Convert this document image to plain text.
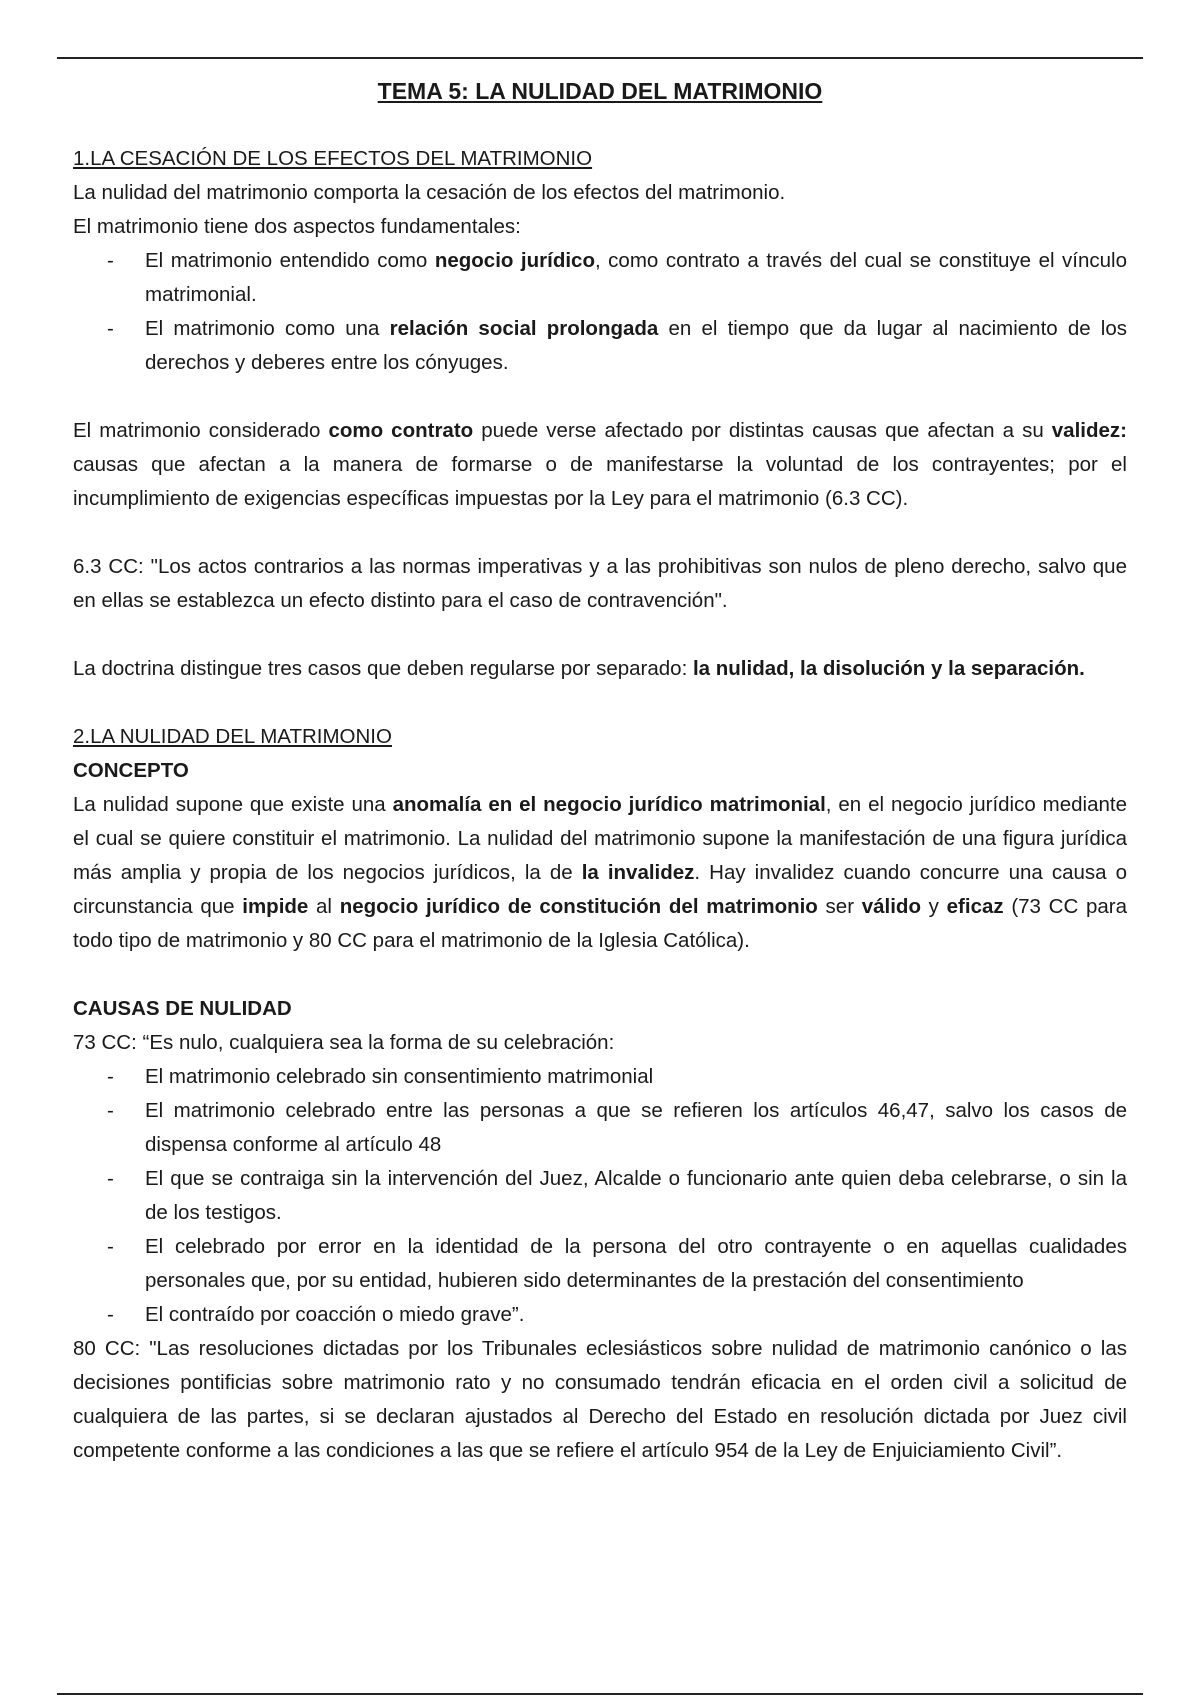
TEMA 5: LA NULIDAD DEL MATRIMONIO

1.LA CESACIÓN DE LOS EFECTOS DEL MATRIMONIO

La nulidad del matrimonio comporta la cesación de los efectos del matrimonio.

El matrimonio tiene dos aspectos fundamentales:

- El matrimonio entendido como negocio jurídico, como contrato a través del cual se constituye el vínculo matrimonial.
- El matrimonio como una relación social prolongada en el tiempo que da lugar al nacimiento de los derechos y deberes entre los cónyuges.

El matrimonio considerado como contrato puede verse afectado por distintas causas que afectan a su validez: causas que afectan a la manera de formarse o de manifestarse la voluntad de los contrayentes; por el incumplimiento de exigencias específicas impuestas por la Ley para el matrimonio (6.3 CC).

6.3 CC: "Los actos contrarios a las normas imperativas y a las prohibitivas son nulos de pleno derecho, salvo que en ellas se establezca un efecto distinto para el caso de contravención".

La doctrina distingue tres casos que deben regularse por separado: la nulidad, la disolución y la separación.

2.LA NULIDAD DEL MATRIMONIO

CONCEPTO

La nulidad supone que existe una anomalía en el negocio jurídico matrimonial, en el negocio jurídico mediante el cual se quiere constituir el matrimonio. La nulidad del matrimonio supone la manifestación de una figura jurídica más amplia y propia de los negocios jurídicos, la de la invalidez. Hay invalidez cuando concurre una causa o circunstancia que impide al negocio jurídico de constitución del matrimonio ser válido y eficaz (73 CC para todo tipo de matrimonio y 80 CC para el matrimonio de la Iglesia Católica).

CAUSAS DE NULIDAD

73 CC: “Es nulo, cualquiera sea la forma de su celebración:

- El matrimonio celebrado sin consentimiento matrimonial
- El matrimonio celebrado entre las personas a que se refieren los artículos 46,47, salvo los casos de dispensa conforme al artículo 48
- El que se contraiga sin la intervención del Juez, Alcalde o funcionario ante quien deba celebrarse, o sin la de los testigos.
- El celebrado por error en la identidad de la persona del otro contrayente o en aquellas cualidades personales que, por su entidad, hubieren sido determinantes de la prestación del consentimiento
- El contraído por coacción o miedo grave”.

80 CC: "Las resoluciones dictadas por los Tribunales eclesiásticos sobre nulidad de matrimonio canónico o las decisiones pontificias sobre matrimonio rato y no consumado tendrán eficacia en el orden civil a solicitud de cualquiera de las partes, si se declaran ajustados al Derecho del Estado en resolución dictada por Juez civil competente conforme a las condiciones a las que se refiere el artículo 954 de la Ley de Enjuiciamiento Civil”.
